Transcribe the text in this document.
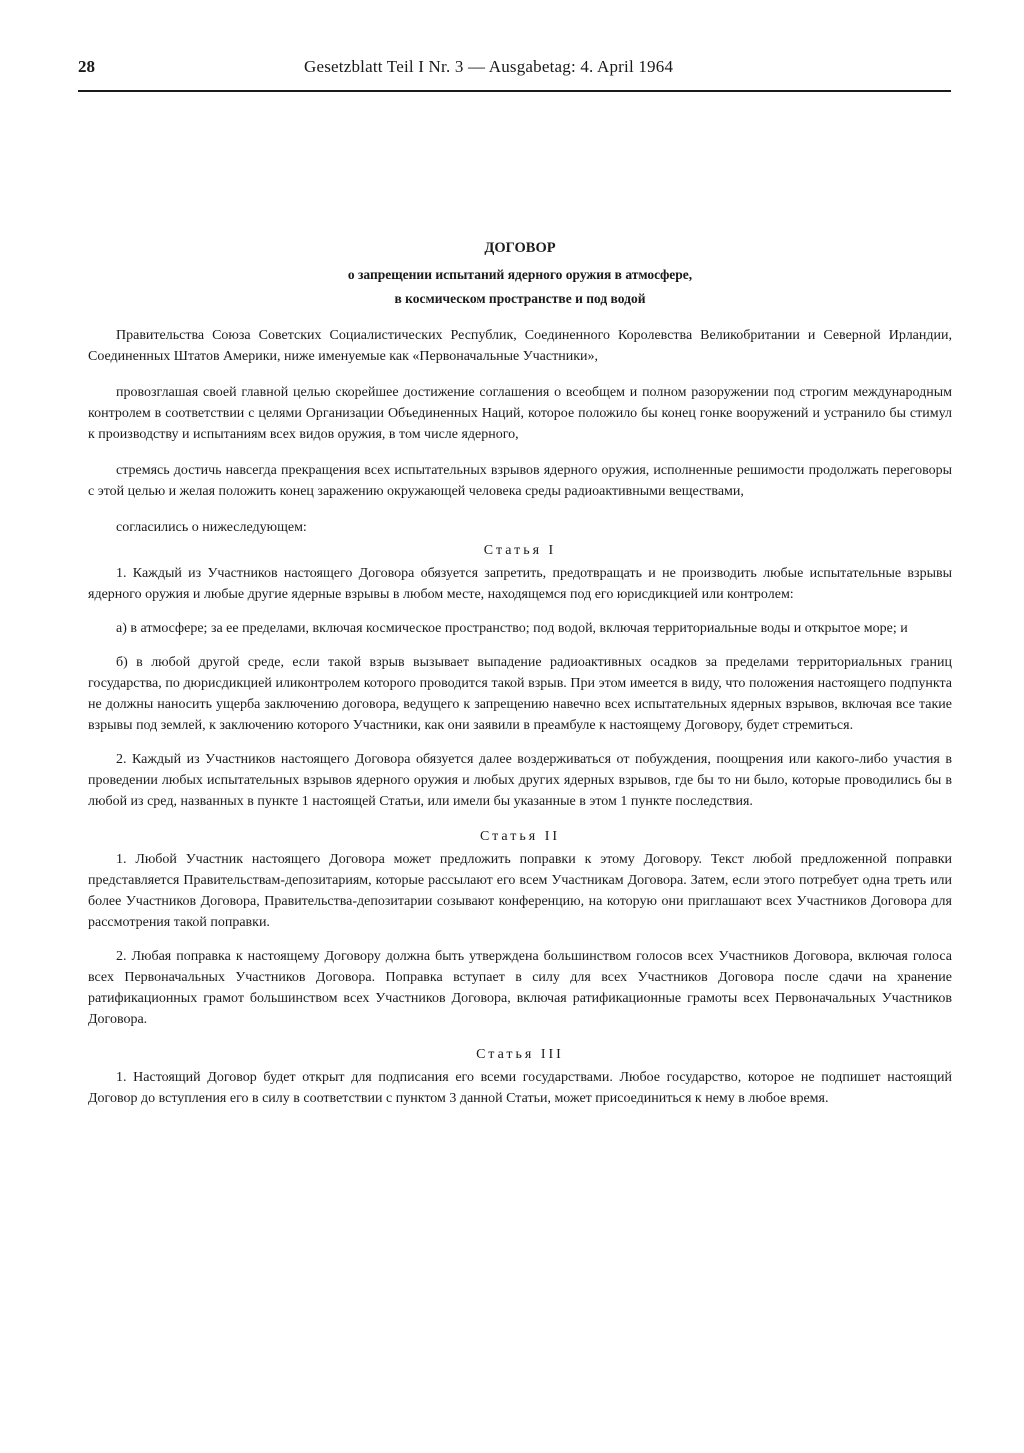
28	Gesetzblatt Teil I Nr. 3 — Ausgabetag: 4. April 1964
ДОГОВОР
о запрещении испытаний ядерного оружия в атмосфере,
в космическом пространстве и под водой

Правительства Союза Советских Социалистических Республик, Соединенного Королевства Великобритании и Северной Ирландии, Соединенных Штатов Америки, ниже именуемые как «Первоначальные Участники»,

провозглашая своей главной целью скорейшее достижение соглашения о всеобщем и полном разоружении под строгим международным контролем в соответствии с целями Организации Объединенных Наций, которое положило бы конец гонке вооружений и устранило бы стимул к производству и испытаниям всех видов оружия, в том числе ядерного,

стремясь достичь навсегда прекращения всех испытательных взрывов ядерного оружия, исполненные решимости продолжать переговоры с этой целью и желая положить конец заражению окружающей человека среды радиоактивными веществами,

согласились о нижеследующем:

Статья I

1. Каждый из Участников настоящего Договора обязуется запретить, предотвращать и не производить любые испытательные взрывы ядерного оружия и любые другие ядерные взрывы в любом месте, находящемся под его юрисдикцией или контролем:

а) в атмосфере; за ее пределами, включая космическое пространство; под водой, включая территориальные воды и открытое море; и

б) в любой другой среде, если такой взрыв вызывает выпадение радиоактивных осадков за пределами территориальных границ государства, по дюрисдикцией иликонтролем которого проводится такой взрыв. При этом имеется в виду, что положения настоящего подпункта не должны наносить ущерба заключению договора, ведущего к запрещению навечно всех испытательных ядерных взрывов, включая все такие взрывы под землей, к заключению которого Участники, как они заявили в преамбуле к настоящему Договору, будет стремиться.

2. Каждый из Участников настоящего Договора обязуется далее воздерживаться от побуждения, поощрения или какого-либо участия в проведении любых испытательных взрывов ядерного оружия и любых других ядерных взрывов, где бы то ни было, которые проводились бы в любой из сред, названных в пункте 1 настоящей Статьи, или имели бы указанные в этом 1 пункте последствия.

Статья II

1. Любой Участник настоящего Договора может предложить поправки к этому Договору. Текст любой предложенной поправки представляется Правительствам-депозитариям, которые рассылают его всем Участникам Договора. Затем, если этого потребует одна треть или более Участников Договора, Правительства-депозитарии созывают конференцию, на которую они приглашают всех Участников Договора для рассмотрения такой поправки.

2. Любая поправка к настоящему Договору должна быть утверждена большинством голосов всех Участников Договора, включая голоса всех Первоначальных Участников Договора. Поправка вступает в силу для всех Участников Договора после сдачи на хранение ратификационных грамот большинством всех Участников Договора, включая ратификационные грамоты всех Первоначальных Участников Договора.

Статья III

1. Настоящий Договор будет открыт для подписания его всеми государствами. Любое государство, которое не подпишет настоящий Договор до вступления его в силу в соответствии с пунктом 3 данной Статьи, может присоединиться к нему в любое время.
